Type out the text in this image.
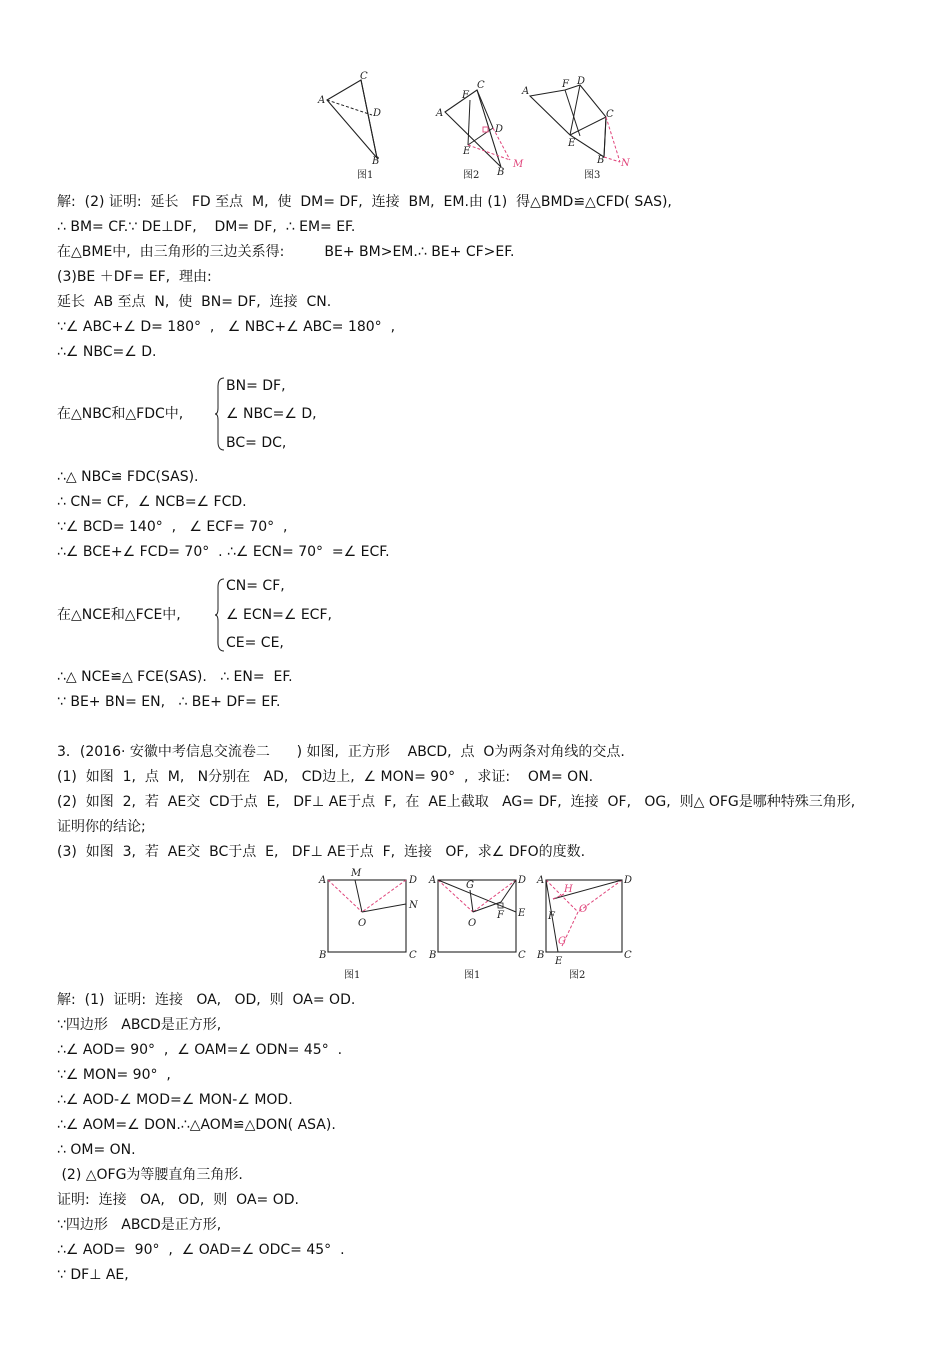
A
C
D
B
图1
A
F
C
D
E
B
M
图2
A
F D
C
E
B N
图3
解:  (2) 证明:  延长   FD 至点  M,  使  DM= DF,  连接  BM,  EM.由 (1)  得△BMD≌△CFD( SAS),
∴ BM= CF.∵ DE⊥DF,    DM= DF,  ∴ EM= EF.
在△BME中,  由三角形的三边关系得:         BE+ BM>EM.∴ BE+ CF>EF.
(3)BE ＋DF= EF,  理由:
延长  AB 至点  N,  使  BN= DF,  连接  CN.
∵∠ ABC+∠ D= 180°  ,   ∠ NBC+∠ ABC= 180°  ,
∴∠ NBC=∠ D.
在△NBC和△FDC中,
BN= DF,
∠ NBC=∠ D,
BC= DC,
∴△ NBC≌ FDC(SAS).
∴ CN= CF,  ∠ NCB=∠ FCD.
∵∠ BCD= 140°  ,   ∠ ECF= 70°  ,
∴∠ BCE+∠ FCD= 70°  . ∴∠ ECN= 70°  =∠ ECF.
在△NCE和△FCE中,
CN= CF,
∠ ECN=∠ ECF,
CE= CE,
∴△ NCE≌△ FCE(SAS).   ∴ EN=  EF.
∵ BE+ BN= EN,   ∴ BE+ DF= EF.
3．(2016· 安徽中考信息交流卷二      ) 如图,  正方形    ABCD,  点  O为两条对角线的交点.
(1)  如图  1,  点  M,   N分别在   AD,   CD边上,  ∠ MON= 90°  ,  求证:    OM= ON.
(2)  如图  2,  若  AE交  CD于点  E,   DF⊥ AE于点  F,  在  AE上截取   AG= DF,  连接  OF,   OG,  则△ OFG是哪种特殊三角形,
证明你的结论;
(3)  如图  3,  若  AE交  BC于点  E,   DF⊥ AE于点  F,  连接   OF,  求∠ DFO的度数.
A
M
D
N
O
B	C
图1
A	G	D
E
F
O
B	C
图1
A
H
D
F
O
G
B
E
C
图2
解:  (1)  证明:  连接   OA,   OD,  则  OA= OD.
∵四边形   ABCD是正方形,
∴∠ AOD= 90°  ,  ∠ OAM=∠ ODN= 45°  .
∵∠ MON= 90°  ,
∴∠ AOD-∠ MOD=∠ MON-∠ MOD.
∴∠ AOM=∠ DON.∴△AOM≌△DON( ASA).
∴ OM= ON.
(2) △OFG为等腰直角三角形.
证明:  连接   OA,   OD,  则  OA= OD.
∵四边形   ABCD是正方形,
∴∠ AOD=  90°  ,  ∠ OAD=∠ ODC= 45°  .
∵ DF⊥ AE,
